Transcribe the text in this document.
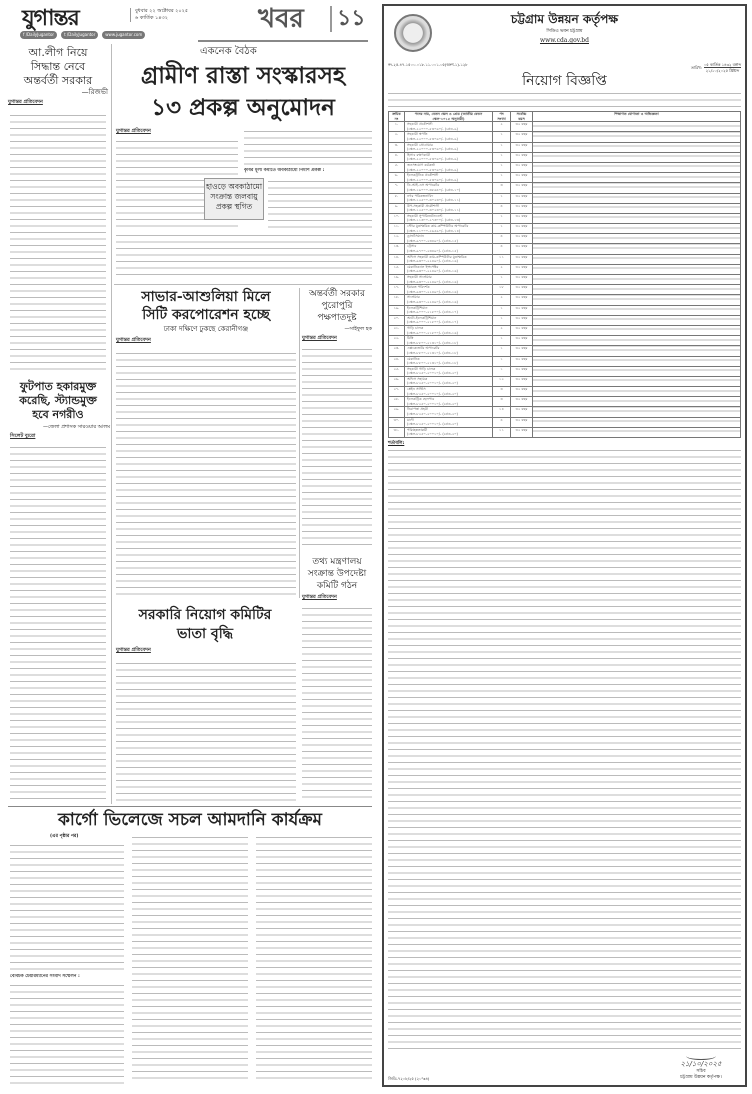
যুগান্তর	বুধবার ২২ অক্টোবর ২০২৫
৬ কার্তিক ১৪৩২
f /DailyJugantor	t /DailyJugantor	www.jugantor.com
খবর	১১
আ.লীগ নিয়ে
সিদ্ধান্ত নেবে
অন্তর্বর্তী সরকার
—রিজভী
যুগান্তর প্রতিবেদন
একনেক বৈঠক
গ্রামীণ রাস্তা সংস্কারসহ
১৩ প্রকল্প অনুমোদন
যুগান্তর প্রতিবেদন
কৃষির মূল্য কমাতে অবকাঠামো নির্মাণ প্রকল্প :
হাওড়ে অবকাঠামো
সংক্রান্ত জলবায়ু
প্রকল্প স্থগিত
সাভার-আশুলিয়া মিলে
সিটি করপোরেশন হচ্ছে
ঢাকা দক্ষিণে ঢুকছে কেরানীগঞ্জ
যুগান্তর প্রতিবেদন
অন্তর্বর্তী সরকার
পুরোপুরি
পক্ষপাতদুষ্ট
—সাইফুল হক
যুগান্তর প্রতিবেদন
ফুটপাত হকারমুক্ত
করেছি, স্ট্যান্ডমুক্ত
হবে নগরীও
—জেলা প্রশাসক সারওয়ার আলম
সিলেট ব্যুরো
তথ্য মন্ত্রণালয়
সংক্রান্ত উপদেষ্টা
কমিটি গঠন
যুগান্তর প্রতিবেদন
সরকারি নিয়োগ কমিটির
ভাতা বৃদ্ধি
যুগান্তর প্রতিবেদন
কার্গো ভিলেজে সচল আমদানি কার্যক্রম
(এর পৃষ্ঠার পর)
বেবিচক চেয়ারম্যানের সংবাদ সম্মেলন :
চট্টগ্রাম উন্নয়ন কর্তৃপক্ষ
সিডিএ ভবন চট্টগ্রাম
www.cda.gov.bd
নং-২৫.৪৭.১৫০০.০১৮.১১.০০১.০৫(অংশ-১)-১২৮
তারিখ:
০৫ কার্তিক ১৪৩২ বঙ্গাব্দ
২১/১০/২০২৫ খ্রিষ্টাব্দ
নিয়োগ বিজ্ঞপ্তি
ক্রমিক নং	পদের নাম, বেতন স্কেল ও গ্রেড (জাতীয় বেতন স্কেল-২০১৫ অনুযায়ী)	পদ সংখ্যা	সর্বোচ্চ বয়স	শিক্ষাগত যোগ্যতা ও অভিজ্ঞতা
১.	সহকারী প্রকৌশলী
(স্কেল-২২০০০-৫৩০৬০/- (গ্রেড-৯)	২	৩২ বছর	
২.	সহকারী স্থপতি
(স্কেল-২২০০০-৫৩০৬০/- (গ্রেড-৯)	১	৩২ বছর	
৩.	সহকারী প্রোগ্রামার
(স্কেল-২২০০০-৫৩০৬০/- (গ্রেড-৯)	১	৩২ বছর	
৪.	হিসাব রক্ষণকারী
(স্কেল-২২০০০-৫৩০৬০/- (গ্রেড-৯)	১	৩২ বছর	
৫.	জনসংযোগ কর্মকর্তা
(স্কেল-২২০০০-৫৩০৬০/- (গ্রেড-৯)	১	৩২ বছর	
৬.	ইলেকট্রনিক প্রকৌশলী
(স্কেল-২২০০০-৫৩০৬০/- (গ্রেড-৯)	১	৩২ বছর	
৭.	ডি.আই.এস অপারেটর
(স্কেল-১৬০০০-৩৮৬৪০/- (গ্রেড-১০)	৩	৩২ বছর	
৮.	নগর পরিকল্পনাবিদ
(স্কেল-১২৫০০-৩০২৩০/- (গ্রেড-১১)	১	৩২ বছর	
৯.	উপ-সহকারী প্রকৌশলী
(স্কেল-১২৫০০-৩০২৩০/- (গ্রেড-১১)	৪	৩২ বছর	
১০.	সহকারী সুপারিনটেনডেন্ট
(স্কেল-১১৩০০-২৭৩০০/- (গ্রেড-১৩)	১	৩২ বছর	
১১.	স্টোর মুদ্রাক্ষরিক কাম-কম্পিউটার অপারেটর
(স্কেল-১১০০০-২৬৫৯০/- (গ্রেড-১৪)	১	৩২ বছর	
১২.	ড্রাফটসম্যান
(স্কেল-৯৭০০-২৩৪৯০/- (গ্রেড-১৫)	৪	৩২ বছর	
১৩.	ট্রেসার
(স্কেল-৯৭০০-২৩৪৯০/- (গ্রেড-১৫)	৪	৩২ বছর	
১৪.	অফিস সহকারী কাম-কম্পিউটার মুদ্রাক্ষরিক
(স্কেল-৯৩০০-২২৪৯০/- (গ্রেড-১৬)	১১	৩২ বছর	
১৫.	মেকানিক্যাল ইন্সপেক্টর
(স্কেল-৯৩০০-২২৪৯০/- (গ্রেড-১৬)	২	৩২ বছর	
১৬.	সহকারী সার্ভেয়ার
(স্কেল-৯৩০০-২২৪৯০/- (গ্রেড-১৬)	১	৩২ বছর	
১৭.	ইমারত পরিদর্শক
(স্কেল-৯৩০০-২২৪৯০/- (গ্রেড-১৬)	১৮	৩২ বছর	
১৮.	সার্ভেয়ার
(স্কেল-৯৩০০-২২৪৯০/- (গ্রেড-১৬)	২	৩২ বছর	
১৯.	ইলেকট্রিশিয়ান
(স্কেল-৯০০০-২১৮০০/- (গ্রেড-১৭)	১	৩২ বছর	
২০.	অটো-ইলেকট্রিশিয়ান
(স্কেল-৯০০০-২১৮০০/- (গ্রেড-১৭)	১	৩২ বছর	
২১.	গাড়ি চালক
(স্কেল-৯০০০-২১৮০০/- (গ্রেড-১৬)	২	৩২ বছর	
২২.	মিস্ত্রি
(স্কেল-৮৮০০-২১৩১০/- (গ্রেড-১৮)	১	৩২ বছর	
২৩.	এক্সকেভেটর অপারেটর
(স্কেল-৮৮০০-২১৩১০/- (গ্রেড-১৮)	১	৩২ বছর	
২৪.	মেকানিক
(স্কেল-৮৮০০-২১৩১০/- (গ্রেড-১৮)	১	৩২ বছর	
২৫.	সহকারী গাড়ি চালক
(স্কেল-৮২৫০-২০০১০/- (গ্রেড-২০)	১	৩২ বছর	
২৬.	অফিস সহায়ক
(স্কেল-৮২৫০-২০০১০/- (গ্রেড-২০)	১২	৩২ বছর	
২৭.	প্লেইন সার্ভিস
(স্কেল-৮২৫০-২০০১০/- (গ্রেড-২০)	৩	৩২ বছর	
২৮.	ইলেকট্রিক হেলপার
(স্কেল-৮২৫০-২০০১০/- (গ্রেড-২০)	৩	৩২ বছর	
২৯.	নিরাপত্তা প্রহরী
(স্কেল-৮২৫০-২০০১০/- (গ্রেড-২০)	১৪	৩২ বছর	
৩০.	মালী
(স্কেল-৮২৫০-২০০১০/- (গ্রেড-২০)	৪	৩২ বছর	
৩১.	পরিচ্ছন্নতাকর্মী
(স্কেল-৮২৫০-২০০১০/- (গ্রেড-২০)	১১	৩২ বছর	
শর্তাবলি:
জিডি-৭২০৮/২৫ (২০"x৪)
২১/১০/২০২৫
সচিব
চট্টগ্রাম উন্নয়ন কর্তৃপক্ষ।
